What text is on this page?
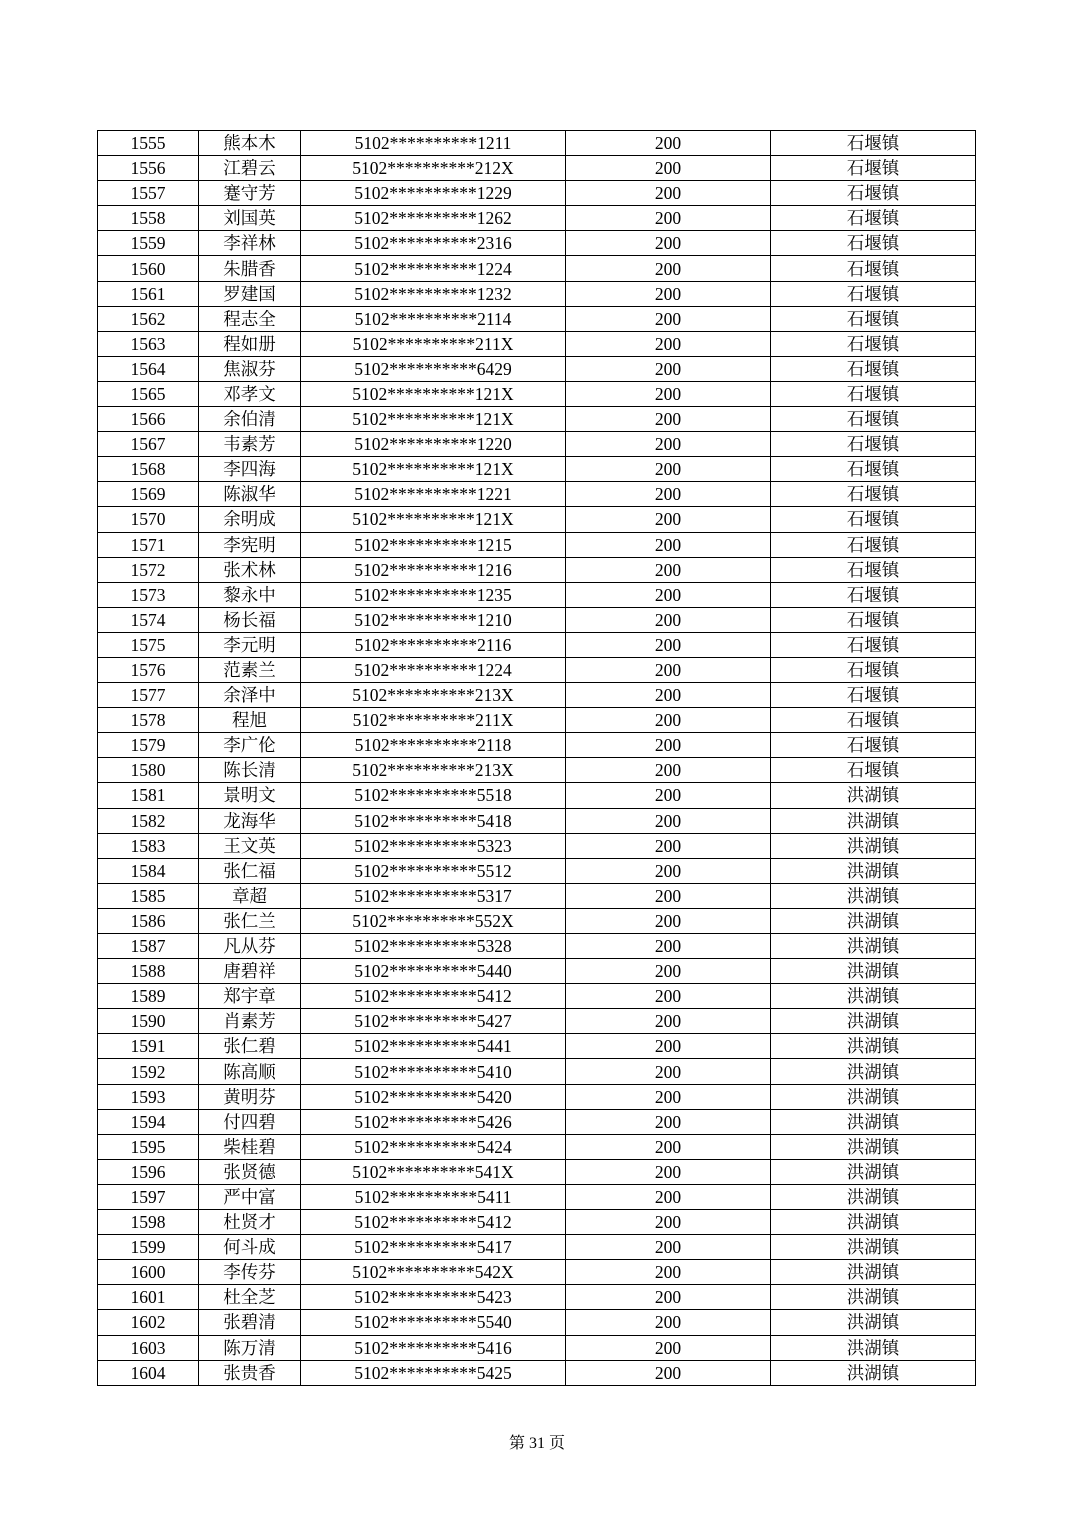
1555	熊本木	5102**********1211	200	石堰镇
1556	江碧云	5102**********212X	200	石堰镇
1557	蹇守芳	5102**********1229	200	石堰镇
1558	刘国英	5102**********1262	200	石堰镇
1559	李祥林	5102**********2316	200	石堰镇
1560	朱腊香	5102**********1224	200	石堰镇
1561	罗建国	5102**********1232	200	石堰镇
1562	程志全	5102**********2114	200	石堰镇
1563	程如册	5102**********211X	200	石堰镇
1564	焦淑芬	5102**********6429	200	石堰镇
1565	邓孝文	5102**********121X	200	石堰镇
1566	余伯清	5102**********121X	200	石堰镇
1567	韦素芳	5102**********1220	200	石堰镇
1568	李四海	5102**********121X	200	石堰镇
1569	陈淑华	5102**********1221	200	石堰镇
1570	余明成	5102**********121X	200	石堰镇
1571	李宪明	5102**********1215	200	石堰镇
1572	张术林	5102**********1216	200	石堰镇
1573	黎永中	5102**********1235	200	石堰镇
1574	杨长福	5102**********1210	200	石堰镇
1575	李元明	5102**********2116	200	石堰镇
1576	范素兰	5102**********1224	200	石堰镇
1577	余泽中	5102**********213X	200	石堰镇
1578	程旭	5102**********211X	200	石堰镇
1579	李广伦	5102**********2118	200	石堰镇
1580	陈长清	5102**********213X	200	石堰镇
1581	景明文	5102**********5518	200	洪湖镇
1582	龙海华	5102**********5418	200	洪湖镇
1583	王文英	5102**********5323	200	洪湖镇
1584	张仁福	5102**********5512	200	洪湖镇
1585	章超	5102**********5317	200	洪湖镇
1586	张仁兰	5102**********552X	200	洪湖镇
1587	凡从芬	5102**********5328	200	洪湖镇
1588	唐碧祥	5102**********5440	200	洪湖镇
1589	郑宇章	5102**********5412	200	洪湖镇
1590	肖素芳	5102**********5427	200	洪湖镇
1591	张仁碧	5102**********5441	200	洪湖镇
1592	陈高顺	5102**********5410	200	洪湖镇
1593	黄明芬	5102**********5420	200	洪湖镇
1594	付四碧	5102**********5426	200	洪湖镇
1595	柴桂碧	5102**********5424	200	洪湖镇
1596	张贤德	5102**********541X	200	洪湖镇
1597	严中富	5102**********5411	200	洪湖镇
1598	杜贤才	5102**********5412	200	洪湖镇
1599	何斗成	5102**********5417	200	洪湖镇
1600	李传芬	5102**********542X	200	洪湖镇
1601	杜全芝	5102**********5423	200	洪湖镇
1602	张碧清	5102**********5540	200	洪湖镇
1603	陈万清	5102**********5416	200	洪湖镇
1604	张贵香	5102**********5425	200	洪湖镇
第 31 页
